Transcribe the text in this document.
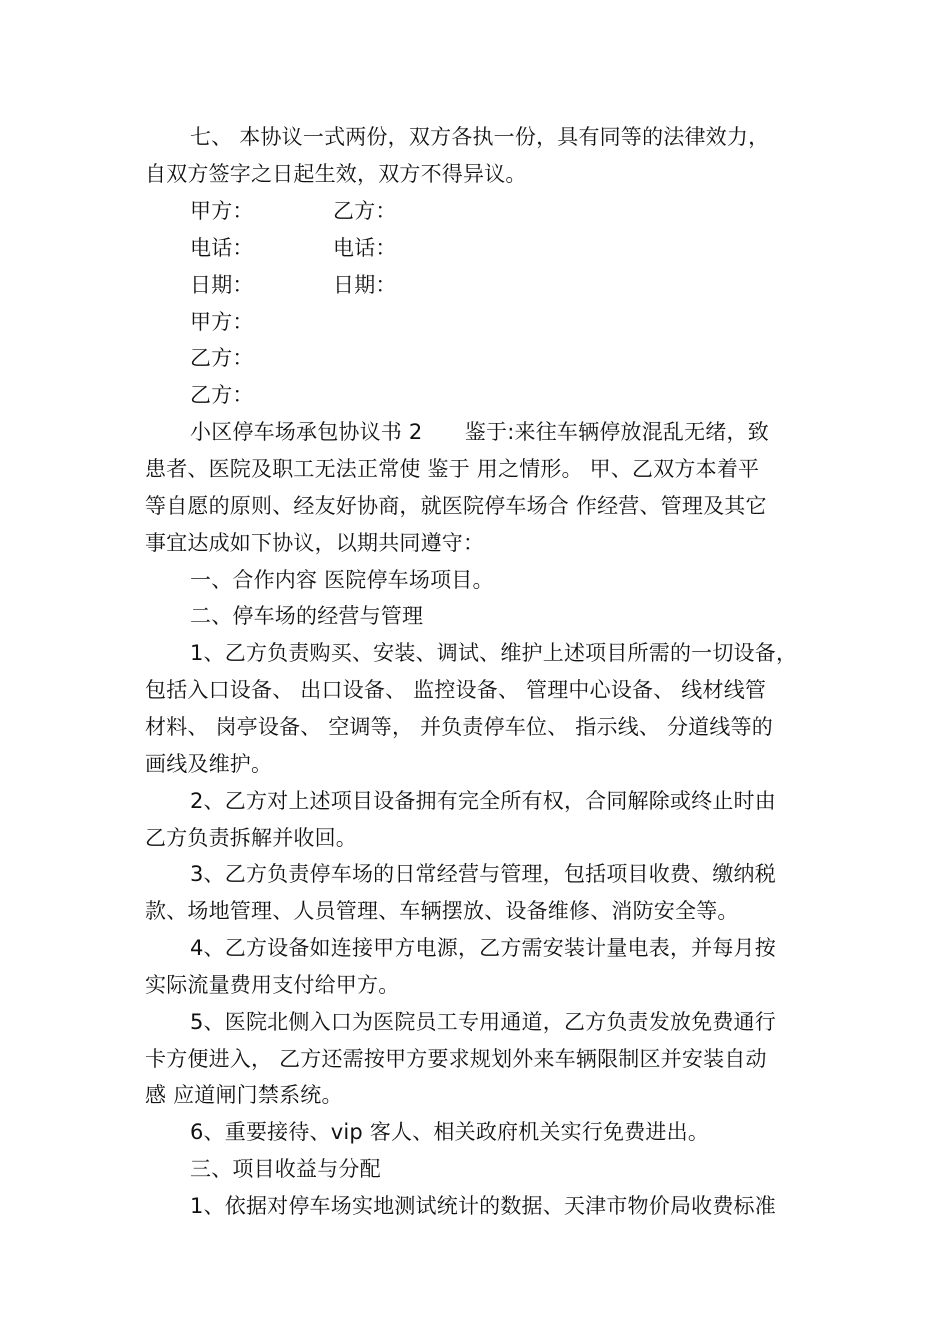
七、 本协议一式两份，双方各执一份，具有同等的法律效力，
自双方签字之日起生效，双方不得异议。
甲方：	乙方：
电话：	电话：
日期：	日期：
甲方：
乙方：
乙方：
小区停车场承包协议书 2　　鉴于:来往车辆停放混乱无绪，致
患者、医院及职工无法正常使 鉴于 用之情形。 甲、乙双方本着平
等自愿的原则、经友好协商，就医院停车场合 作经营、管理及其它
事宜达成如下协议，以期共同遵守：
一、合作内容 医院停车场项目。
二、停车场的经营与管理
1、乙方负责购买、安装、调试、维护上述项目所需的一切设备，
包括入口设备、 出口设备、 监控设备、 管理中心设备、 线材线管
材料、 岗亭设备、 空调等， 并负责停车位、 指示线、 分道线等的
画线及维护。
2、乙方对上述项目设备拥有完全所有权，合同解除或终止时由
乙方负责拆解并收回。
3、乙方负责停车场的日常经营与管理，包括项目收费、缴纳税
款、场地管理、人员管理、车辆摆放、设备维修、消防安全等。
4、乙方设备如连接甲方电源，乙方需安装计量电表，并每月按
实际流量费用支付给甲方。
5、医院北侧入口为医院员工专用通道，乙方负责发放免费通行
卡方便进入， 乙方还需按甲方要求规划外来车辆限制区并安装自动
感 应道闸门禁系统。
6、重要接待、vip 客人、相关政府机关实行免费进出。
三、项目收益与分配
1、依据对停车场实地测试统计的数据、天津市物价局收费标准
